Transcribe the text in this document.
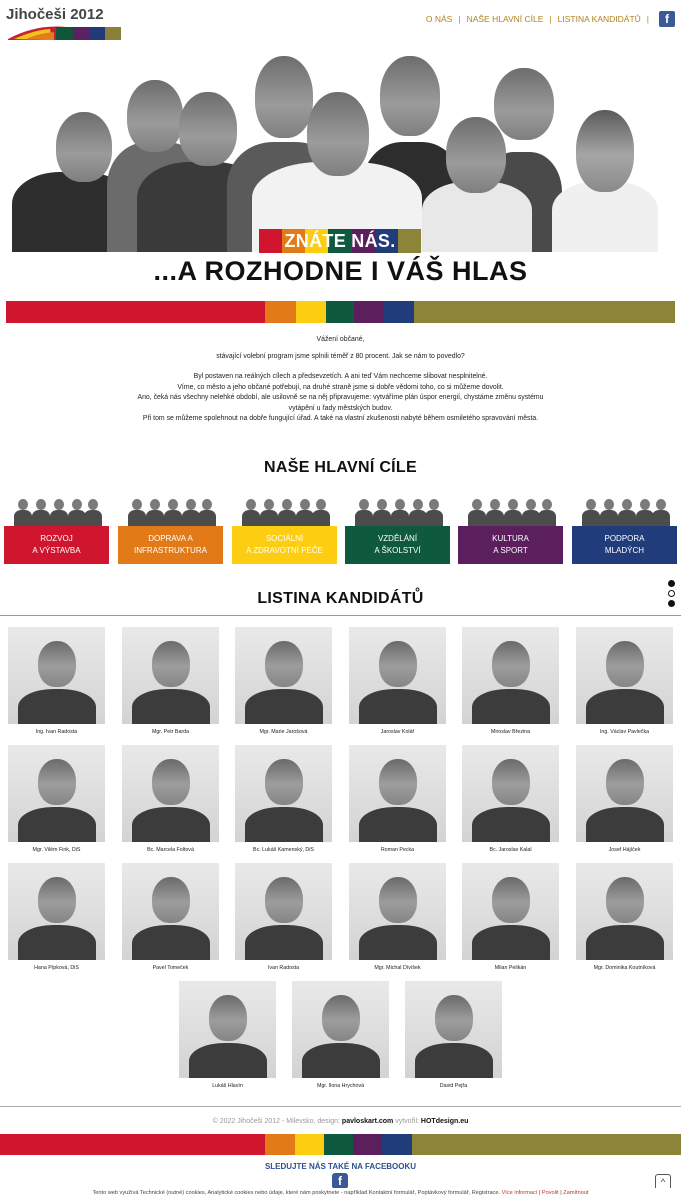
Jihočeši 2012	O NÁS | NAŠE HLAVNÍ CÍLE | LISTINA KANDIDÁTŮ |	f
ZNÁTE NÁS.
...A ROZHODNE I VÁŠ HLAS

Vážení občané,

stávající volební program jsme splnili téměř z 80 procent. Jak se nám to povedlo?

Byl postaven na reálných cílech a předsevzetích. A ani teď Vám nechceme slibovat nesplnitelné.
Víme, co město a jeho občané potřebují, na druhé straně jsme si dobře vědomi toho, co si můžeme dovolit.
Ano, čeká nás všechny nelehké období, ale usilovně se na něj připravujeme: vytváříme plán úspor energií, chystáme změnu systému
vytápění u řady městských budov.
Při tom se můžeme spolehnout na dobře fungující úřad. A také na vlastní zkušenosti nabyté během osmiletého spravování města.
NAŠE HLAVNÍ CÍLE
ROZVOJ
A VÝSTAVBA
DOPRAVA A
INFRASTRUKTURA
SOCIÁLNÍ
A ZDRAVOTNÍ PÉČE
VZDĚLÁNÍ
A ŠKOLSTVÍ
KULTURA
A SPORT
PODPORA
MLADÝCH
LISTINA KANDIDÁTŮ
Ing. Ivan Radosta	Mgr. Petr Barda	Mgr. Marie Jarošová	Jaroslav Kolář	Miroslav Březina	Ing. Václav Pavlečka
Mgr. Vilém Fink, DiS	Bc. Marcela Foltová	Bc. Lukáš Kamenský, DiS	Roman Pecka	Bc. Jaroslav Kalal	Josef Hájíček
Hana Pípková, DiS	Pavel Tomeček	Ivan Radosta	Mgr. Michal Dívíšek	Milan Pelikán	Mgr. Dominika Koutníková
Lukáš Hlavín	Mgr. Ilona Hrychová	David Pejřa
© 2022 Jihočeši 2012 - Milevsko, design: pavloskart.com vytvořil: HOTdesign.eu
SLEDUJTE NÁS TAKÉ NA FACEBOOKU
f	^
Tento web využívá Technické (nutné) cookies, Analytické cookies nebo údaje, které nám poskytnete - například Kontaktní formulář, Poptávkový formulář, Registrace. Více informací | Povolit | Zamítnout
